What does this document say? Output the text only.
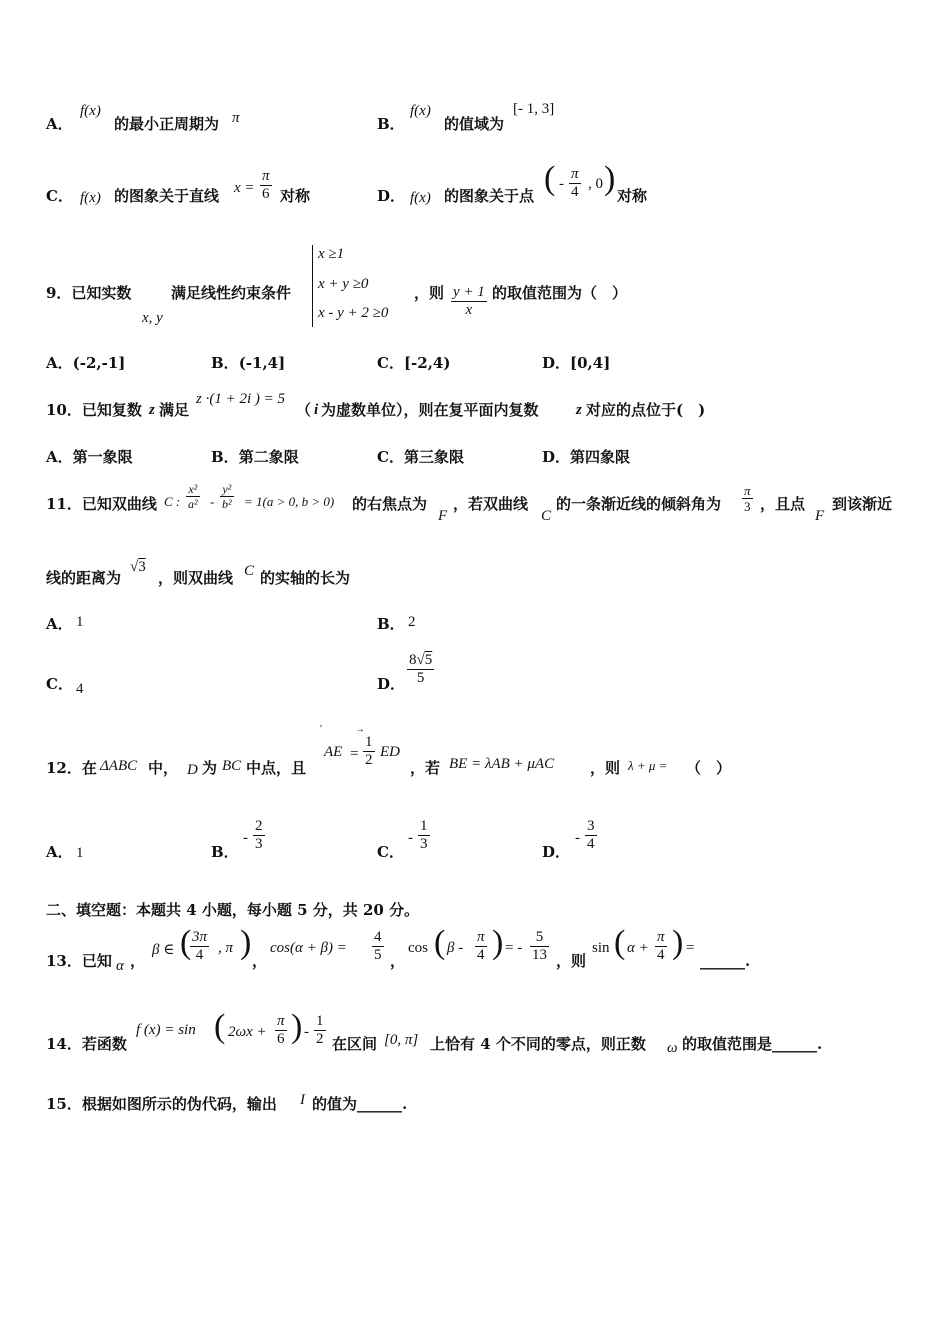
A．
f(x)
的最小正周期为 π	B．
f(x)
的值域为
[- 1, 3]
C． f(x) 的图象关于直线 $x = \frac{\pi}{6}$ 对称	D． f(x) 的图象关于点 ( - $\frac{\pi}{4}$ , 0 ) 对称
9．已知实数
x, y
满足线性约束条件
x ≥1
x + y ≥0
x - y + 2 ≥0
，则 $\frac{y + 1}{x}$ 的取值范围为（　）
A．(-2,-1]	B．(-1,4]	C．[-2,4)	D．[0,4]
10．已知复数 z 满足
z ·(1 + 2i ) = 5
（ i 为虚数单位），则在复平面内复数 z 对应的点位于(　)
A．第一象限	B．第二象限	C．第三象限	D．第四象限
11．已知双曲线 C : $\frac{\text{x²}}{\text{a²}} - \frac{\text{y²}}{\text{b²}} = 1(a > 0$, b > 0) 的右焦点为
F
，若双曲线
C
的一条渐近线的倾斜角为 $\frac{\pi}{3}$ ，且点
F
到该渐近
线的距离为
√3
，则双曲线 C 的实轴的长为
A． 1	B． 2
C． 4	D． $\frac{8√5}{5}$
12．在 ΔABC 中， D 为 BC 中点，且
′
AE =
→
$\frac{1}{2}$ ED
，若 BE = λAB + μAC ，则 λ + μ = （　）
A． 1	B．
- $\frac{2}{3}$	C．
- $\frac{1}{3}$	D．
- $\frac{3}{4}$
二、填空题：本题共 4 小题，每小题 5 分，共 20 分。
13．已知 α ，
β ∈ (
$\frac{3\pi}{4}$ , π ) ，
$\cos(\alpha + \beta) = \frac{4}{5}$ ，
cos ( β - $\frac{\pi}{4}$ ) = - $\frac{5}{13}$ ，则
sin ( $\alpha + \frac{\pi}{4}$ ) =
______.
14．若函数
f (x) = sin ( $2\omega x + \frac{\pi}{6}$ ) - $\frac{1}{2}$ 在区间 [0, π] 上恰有 4 个不同的零点，则正数 ω 的取值范围是______.
15．根据如图所示的伪代码，输出 I 的值为______.
